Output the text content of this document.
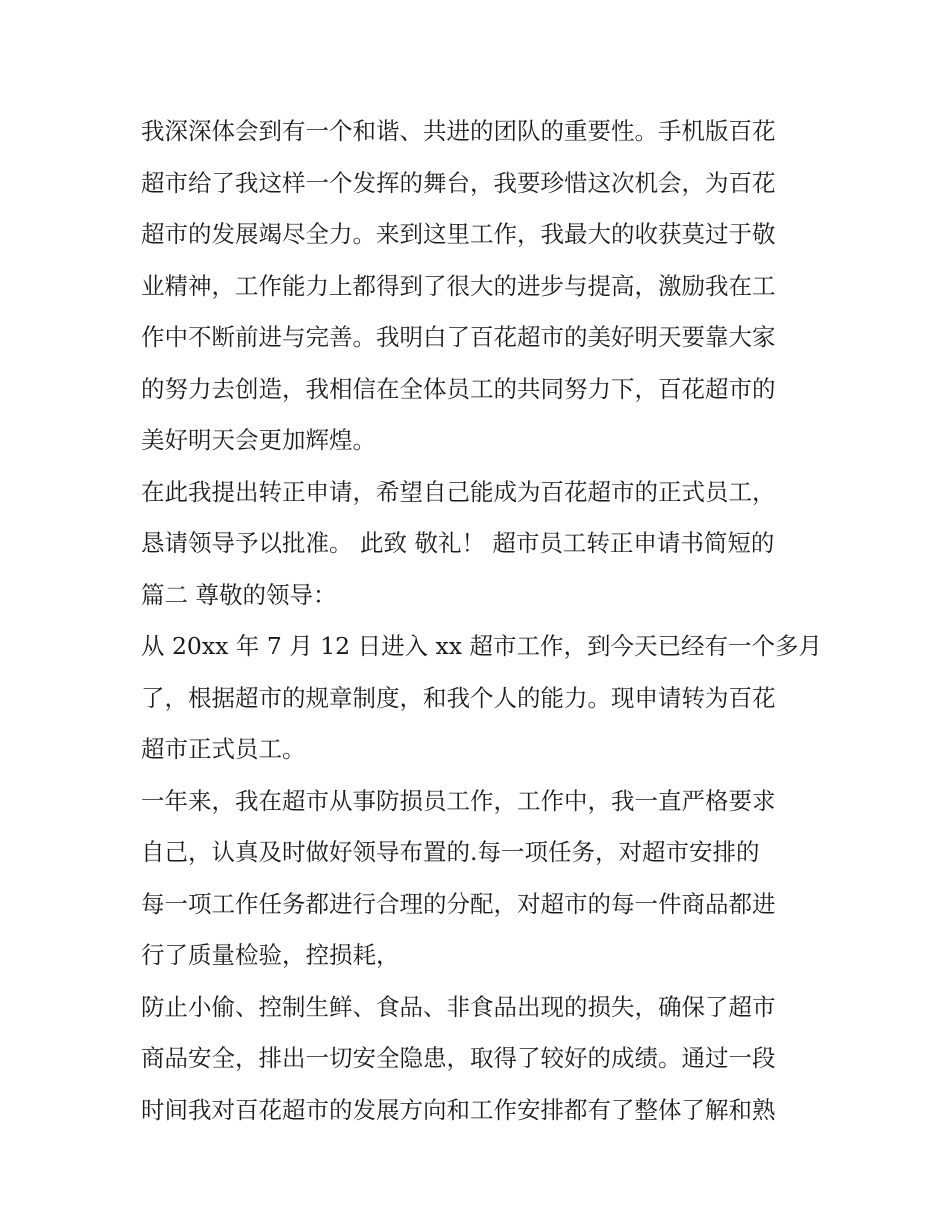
我深深体会到有一个和谐、共进的团队的重要性。手机版百花
超市给了我这样一个发挥的舞台，我要珍惜这次机会，为百花
超市的发展竭尽全力。来到这里工作，我最大的收获莫过于敬
业精神，工作能力上都得到了很大的进步与提高，激励我在工
作中不断前进与完善。我明白了百花超市的美好明天要靠大家
的努力去创造，我相信在全体员工的共同努力下，百花超市的
美好明天会更加辉煌。
在此我提出转正申请，希望自己能成为百花超市的正式员工，
恳请领导予以批准。 此致 敬礼！ 超市员工转正申请书简短的
篇二 尊敬的领导：
从 20xx 年 7 月 12 日进入 xx 超市工作，到今天已经有一个多月
了，根据超市的规章制度，和我个人的能力。现申请转为百花
超市正式员工。
一年来，我在超市从事防损员工作，工作中，我一直严格要求
自己，认真及时做好领导布置的.每一项任务，对超市安排的
每一项工作任务都进行合理的分配，对超市的每一件商品都进
行了质量检验，控损耗，
防止小偷、控制生鲜、食品、非食品出现的损失，确保了超市
商品安全，排出一切安全隐患，取得了较好的成绩。通过一段
时间我对百花超市的发展方向和工作安排都有了整体了解和熟
